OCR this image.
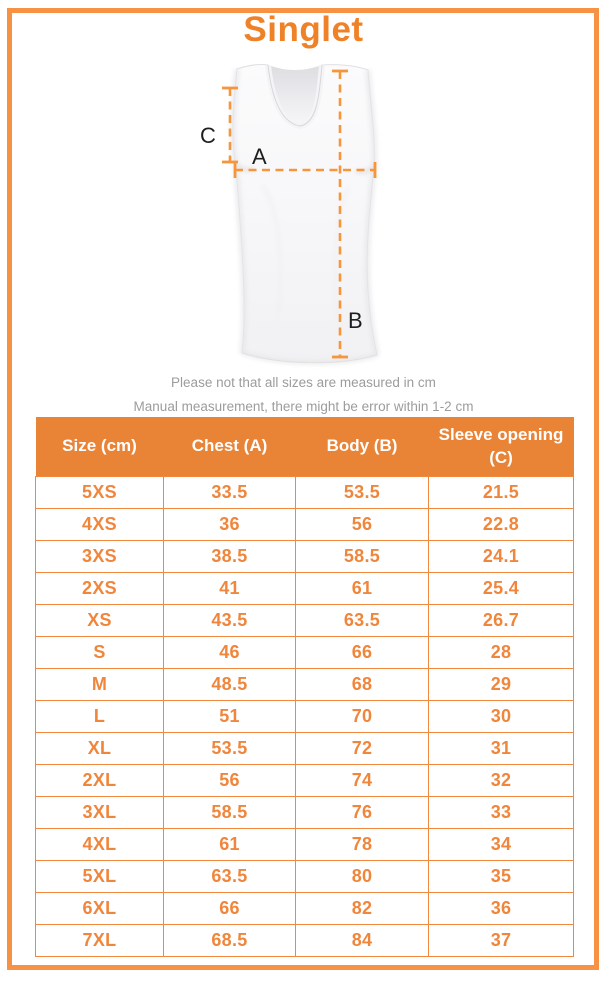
Singlet
C
A
B

Please not that all sizes are measured in cm

Manual measurement, there might be error within 1-2 cm

Size (cm)	Chest (A)	Body (B)	Sleeve opening (C)
5XS	33.5	53.5	21.5
4XS	36	56	22.8
3XS	38.5	58.5	24.1
2XS	41	61	25.4
XS	43.5	63.5	26.7
S	46	66	28
M	48.5	68	29
L	51	70	30
XL	53.5	72	31
2XL	56	74	32
3XL	58.5	76	33
4XL	61	78	34
5XL	63.5	80	35
6XL	66	82	36
7XL	68.5	84	37
